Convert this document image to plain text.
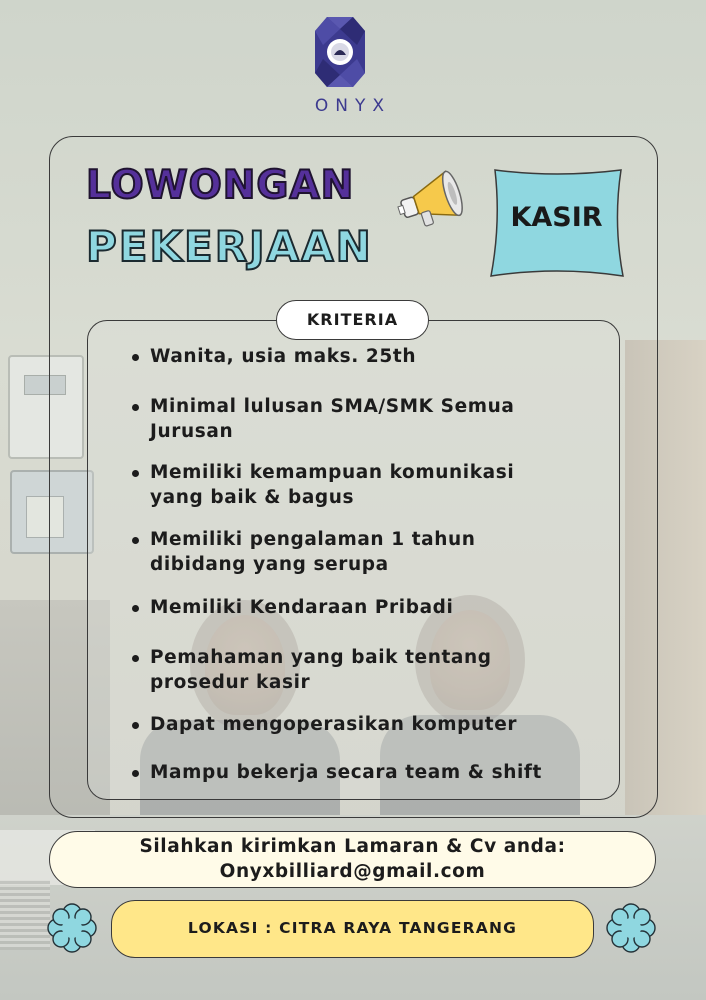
ONYX
LOWONGAN
PEKERJAAN
KASIR
KRITERIA
Wanita, usia maks. 25th
Minimal lulusan SMA/SMK Semua
Jurusan
Memiliki kemampuan komunikasi
yang baik & bagus
Memiliki pengalaman 1 tahun
dibidang yang serupa
Memiliki Kendaraan Pribadi
Pemahaman yang baik tentang
prosedur kasir
Dapat mengoperasikan komputer
Mampu bekerja secara team & shift
Silahkan kirimkan Lamaran & Cv anda:
Onyxbilliard@gmail.com
LOKASI : CITRA RAYA TANGERANG
